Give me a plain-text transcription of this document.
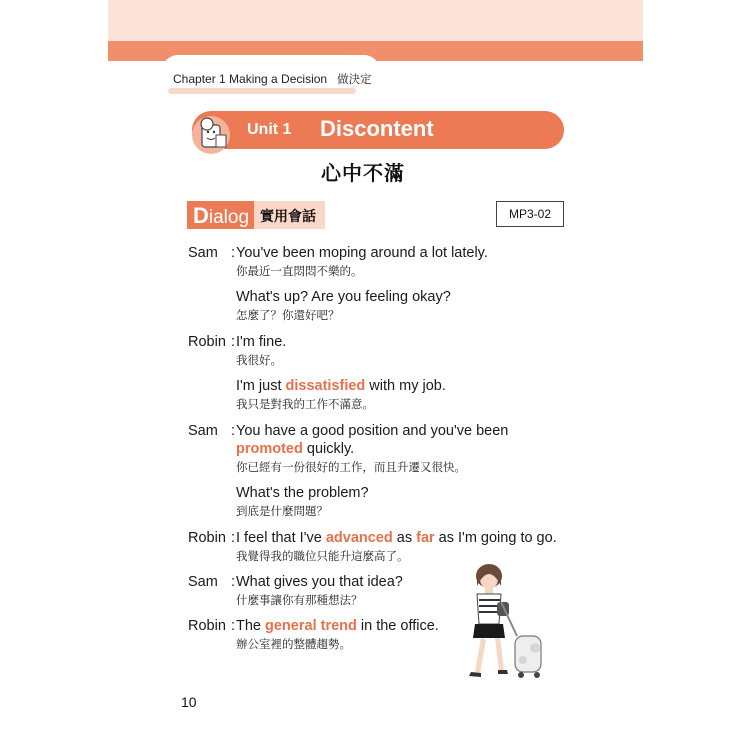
Chapter 1 Making a Decision 做決定
Unit 1 Discontent
心中不滿
Dialog 實用會話	MP3-02
Sam : You've been moping around a lot lately.
你最近一直悶悶不樂的。
What's up? Are you feeling okay?
怎麼了？你還好吧？
Robin : I'm fine.
我很好。
I'm just dissatisfied with my job.
我只是對我的工作不滿意。
Sam : You have a good position and you've been
promoted quickly.
你已經有一份很好的工作，而且升遷又很快。
What's the problem?
到底是什麼問題？
Robin : I feel that I've advanced as far as I'm going to go.
我覺得我的職位只能升這麼高了。
Sam : What gives you that idea?
什麼事讓你有那種想法？
Robin : The general trend in the office.
辦公室裡的整體趨勢。
10
